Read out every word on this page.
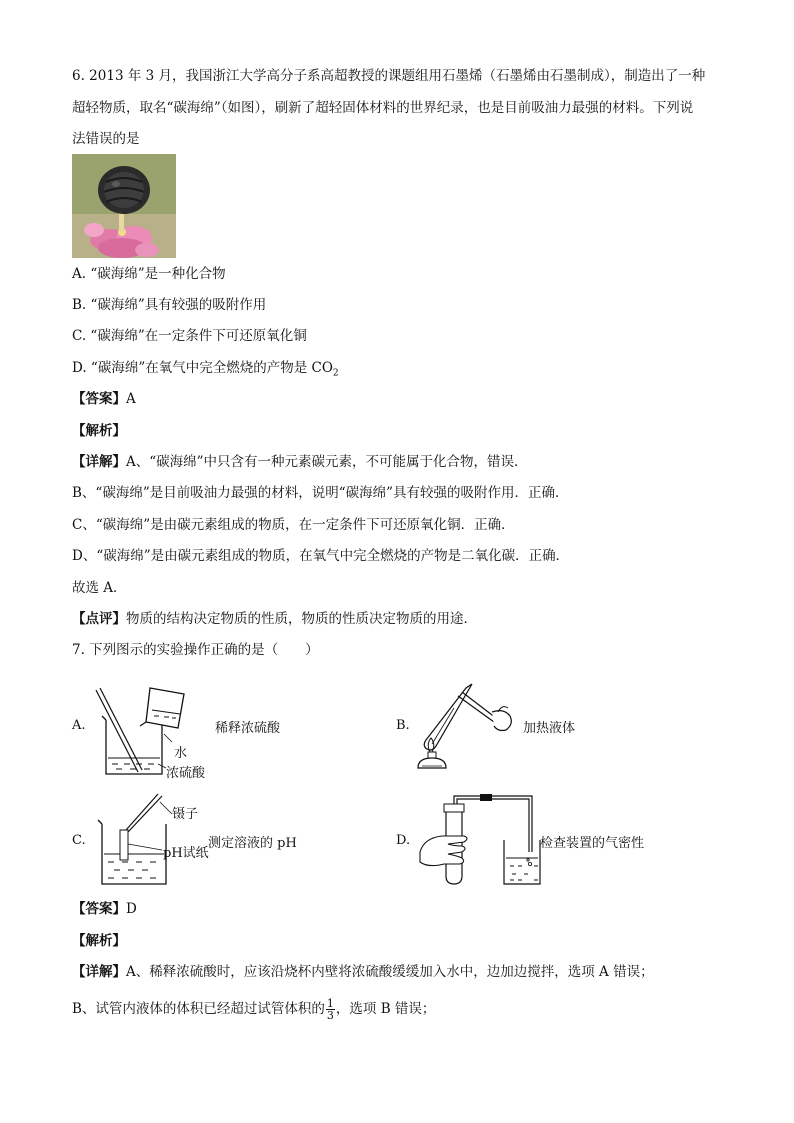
6. 2013 年 3 月，我国浙江大学高分子系高超教授的课题组用石墨烯（石墨烯由石墨制成），制造出了一种
超轻物质，取名“碳海绵”（如图），刷新了超轻固体材料的世界纪录，也是目前吸油力最强的材料。下列说
法错误的是
A. “碳海绵”是一种化合物
B. “碳海绵”具有较强的吸附作用
C. “碳海绵”在一定条件下可还原氧化铜
D. “碳海绵”在氧气中完全燃烧的产物是 $CO_2$
【答案】A
【解析】
【详解】A、“碳海绵”中只含有一种元素碳元素，不可能属于化合物，错误．
B、“碳海绵”是目前吸油力最强的材料，说明“碳海绵”具有较强的吸附作用．正确．
C、“碳海绵”是由碳元素组成的物质，在一定条件下可还原氧化铜．正确．
D、“碳海绵”是由碳元素组成的物质，在氧气中完全燃烧的产物是二氧化碳．正确．
故选 A．
【点评】物质的结构决定物质的性质，物质的性质决定物质的用途．
7. 下列图示的实验操作正确的是（　　）
A.	稀释浓硫酸
水
浓硫酸
B.	加热液体
C.
镊子
pH试纸
测定溶液的 pH	D.	检查装置的气密性
【答案】D
【解析】
【详解】A、稀释浓硫酸时，应该沿烧杯内壁将浓硫酸缓缓加入水中，边加边搅拌，选项 A 错误；
B、试管内液体的体积已经超过试管体积的 $\frac{1}{3}$ ，选项 B 错误；
